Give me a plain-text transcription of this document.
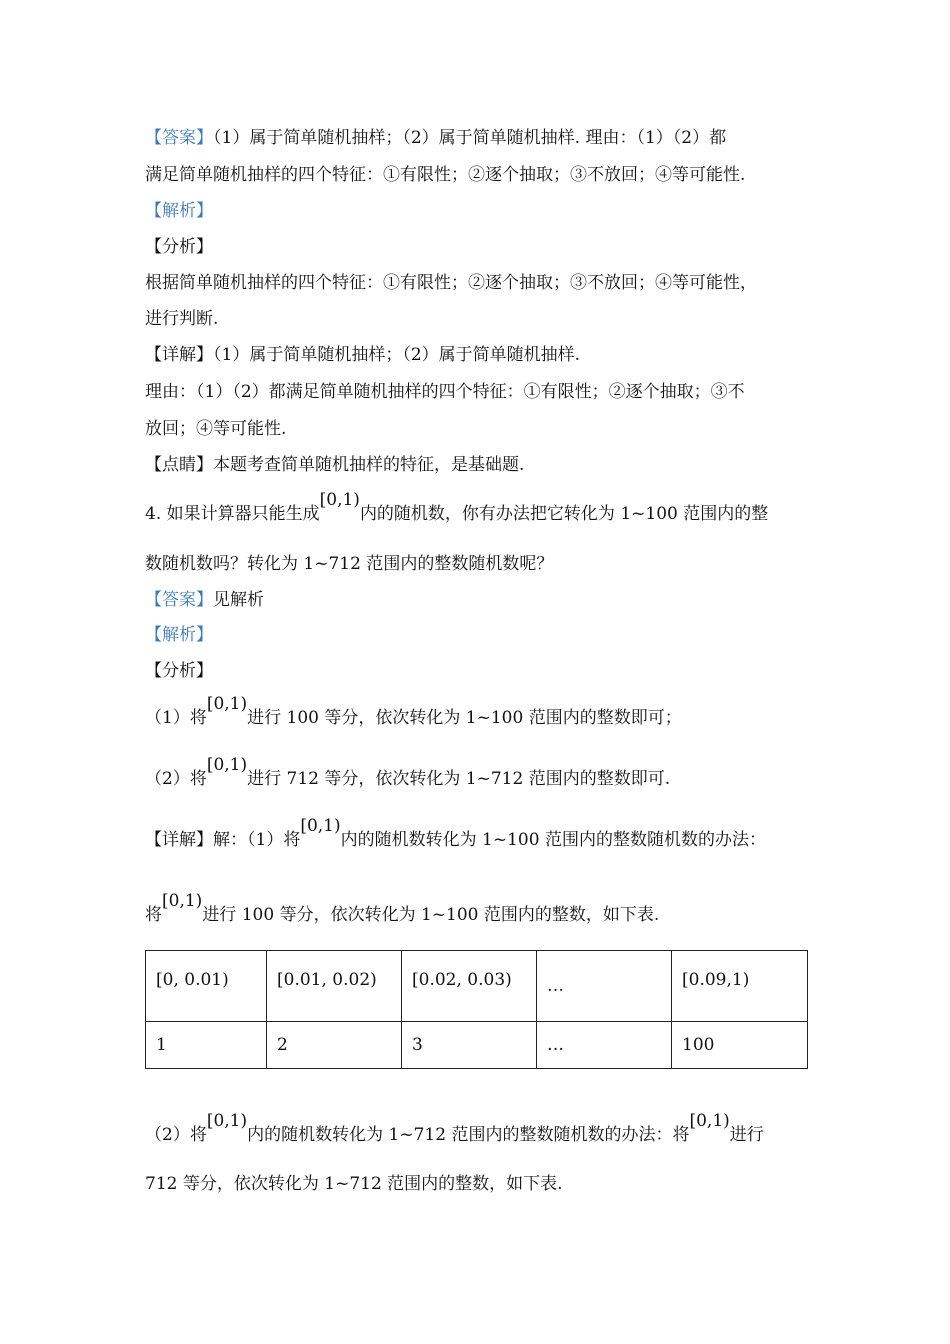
【答案】（1）属于简单随机抽样；（2）属于简单随机抽样. 理由：（1）（2）都
满足简单随机抽样的四个特征：①有限性；②逐个抽取；③不放回；④等可能性.
【解析】
【分析】
根据简单随机抽样的四个特征：①有限性；②逐个抽取；③不放回；④等可能性，
进行判断.
【详解】（1）属于简单随机抽样；（2）属于简单随机抽样.
理由：（1）（2）都满足简单随机抽样的四个特征：①有限性；②逐个抽取；③不
放回；④等可能性.
【点睛】本题考查简单随机抽样的特征，是基础题.
4. 如果计算器只能生成[0,1)内的随机数，你有办法把它转化为 1~100 范围内的整
数随机数吗？转化为 1~712 范围内的整数随机数呢？
【答案】见解析
【解析】
【分析】
（1）将[0,1)进行 100 等分，依次转化为 1~100 范围内的整数即可；
（2）将[0,1)进行 712 等分，依次转化为 1~712 范围内的整数即可.
【详解】解：（1）将[0,1)内的随机数转化为 1~100 范围内的整数随机数的办法：
将[0,1)进行 100 等分，依次转化为 1~100 范围内的整数，如下表.
[0, 0.01)	[0.01, 0.02)	[0.02, 0.03)	…	[0.09,1)
1	2	3	…	100
（2）将[0,1)内的随机数转化为 1~712 范围内的整数随机数的办法：将[0,1)进行
712 等分，依次转化为 1~712 范围内的整数，如下表.
